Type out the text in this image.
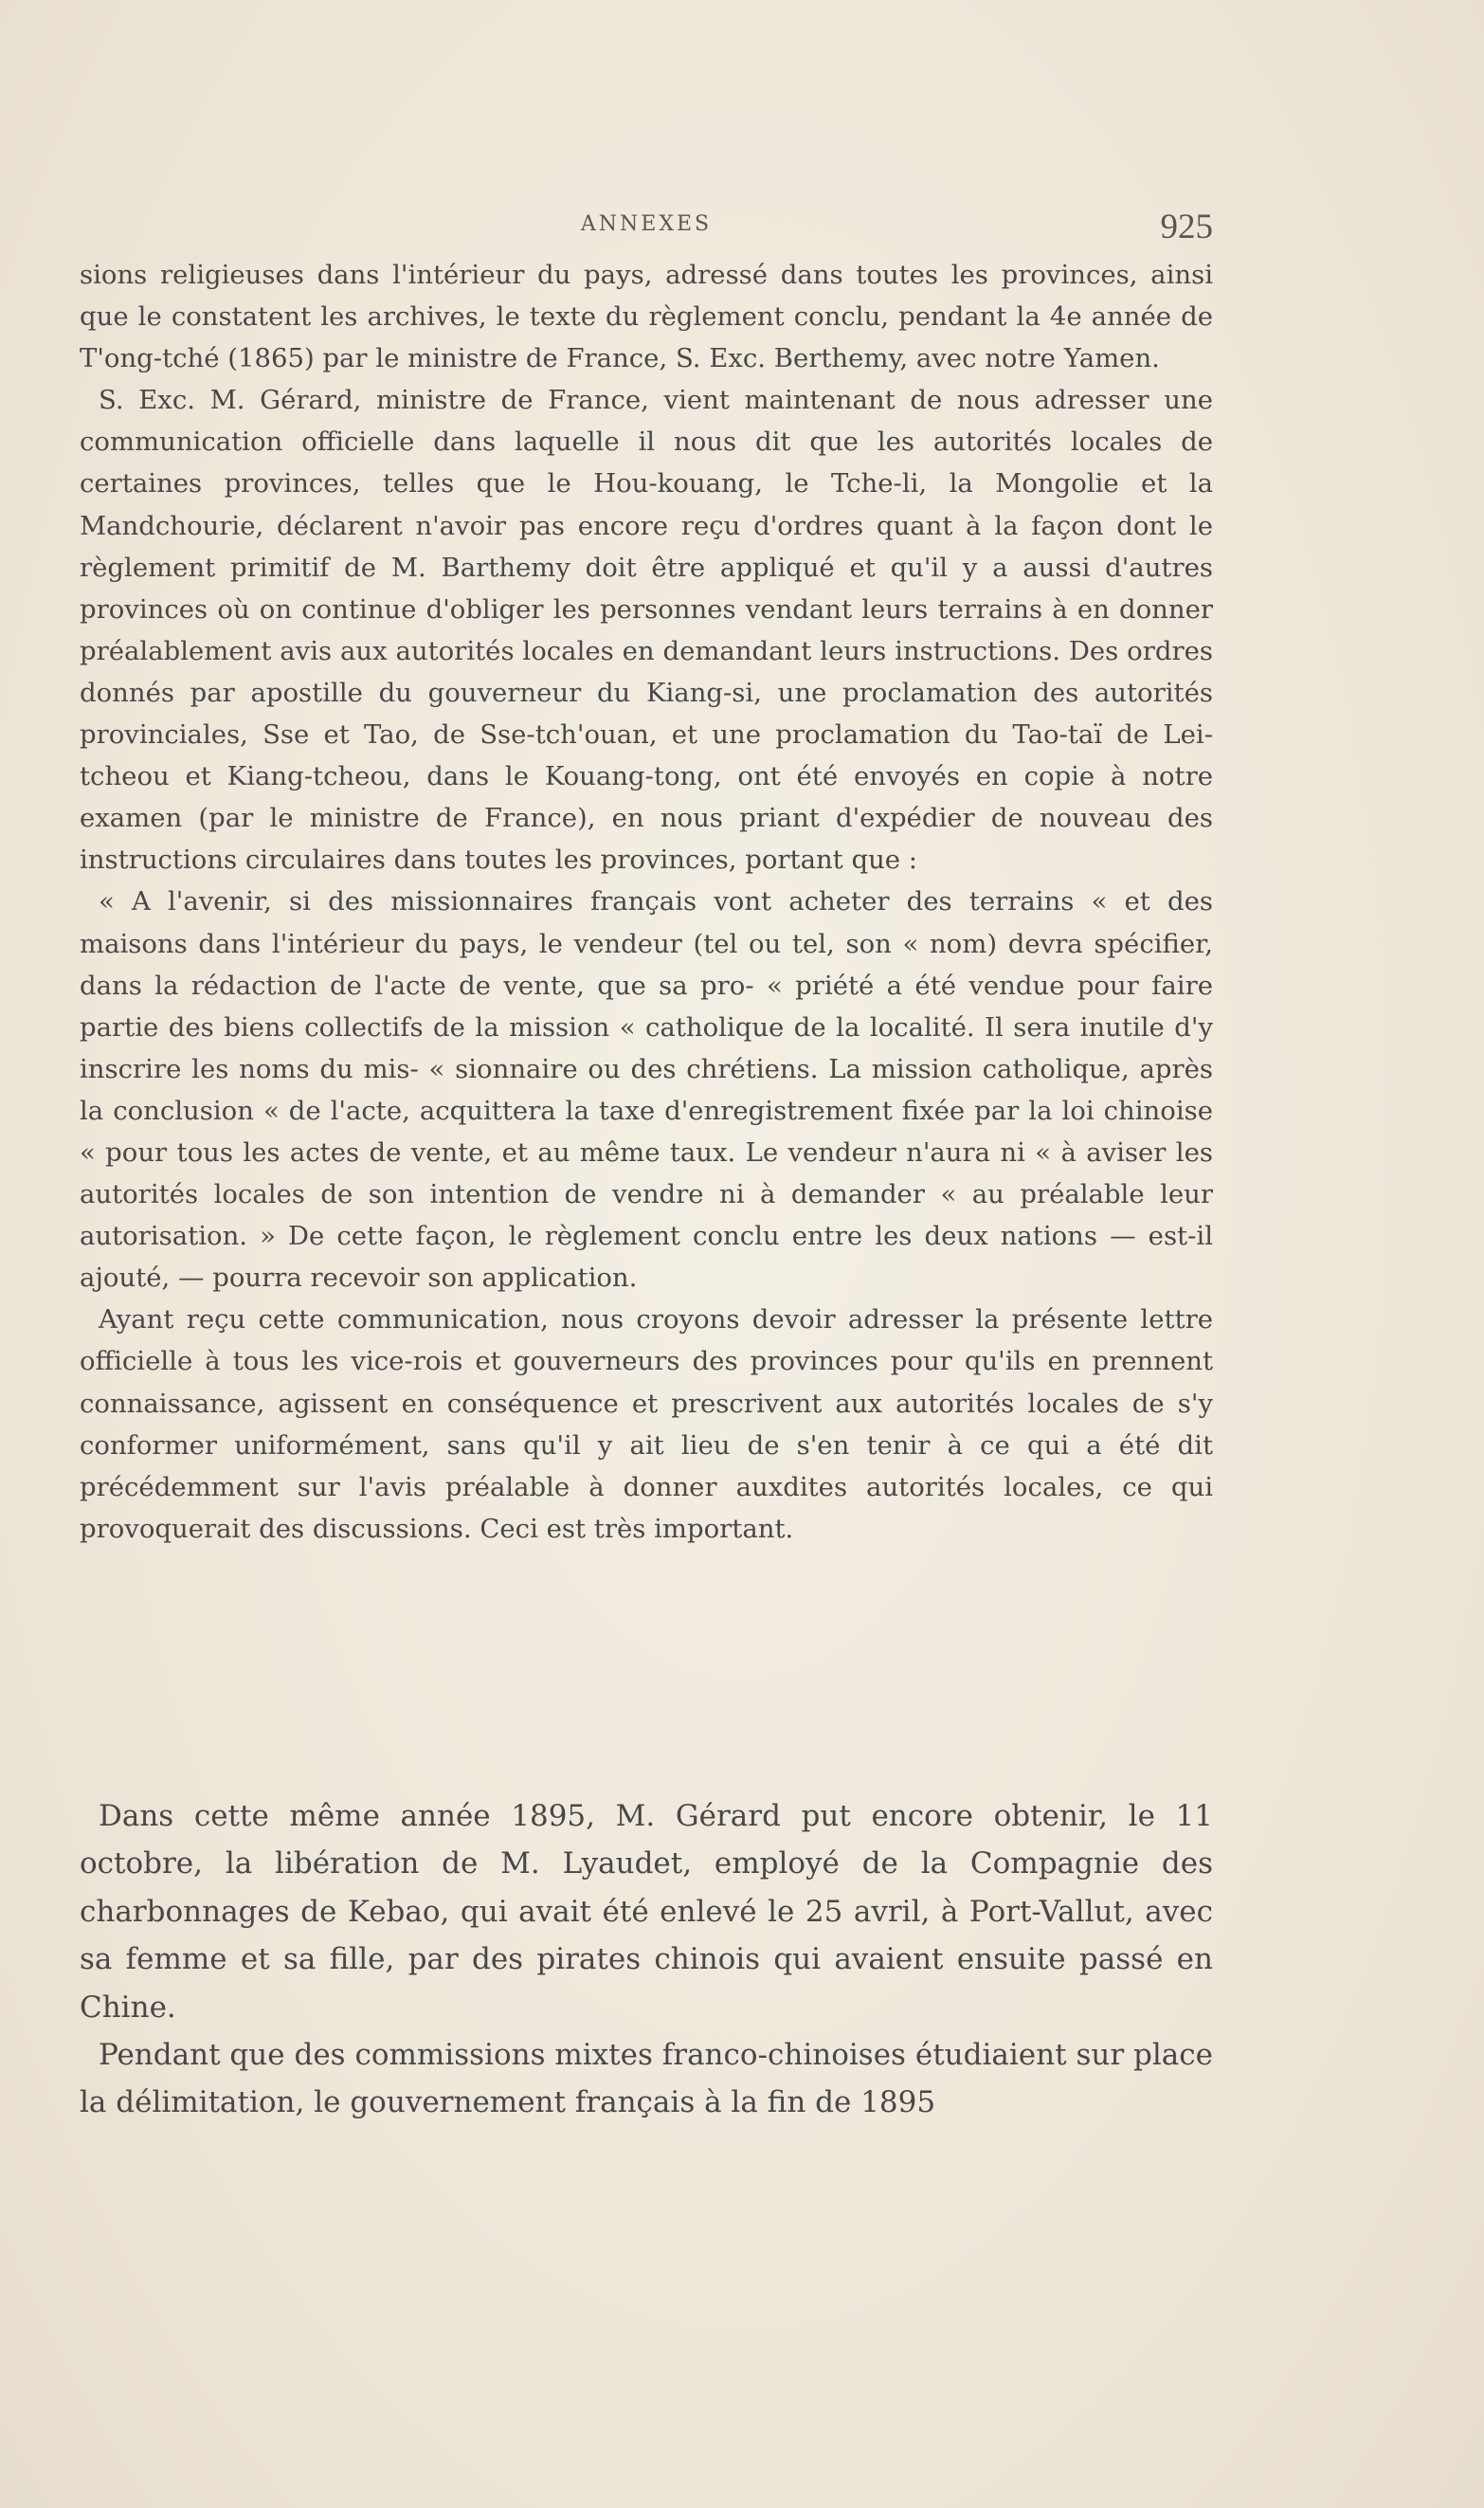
ANNEXES	925

sions religieuses dans l'intérieur du pays, adressé dans toutes les provinces, ainsi que le constatent les archives, le texte du règlement conclu, pendant la 4e année de T'ong-tché (1865) par le ministre de France, S. Exc. Berthemy, avec notre Yamen.

S. Exc. M. Gérard, ministre de France, vient maintenant de nous adresser une communication officielle dans laquelle il nous dit que les autorités locales de certaines provinces, telles que le Hou-kouang, le Tche-li, la Mongolie et la Mandchourie, déclarent n'avoir pas encore reçu d'ordres quant à la façon dont le règlement primitif de M. Barthemy doit être appliqué et qu'il y a aussi d'autres provinces où on continue d'obliger les personnes vendant leurs terrains à en donner préalablement avis aux autorités locales en demandant leurs instructions. Des ordres donnés par apostille du gouverneur du Kiang-si, une proclamation des autorités provinciales, Sse et Tao, de Sse-tch'ouan, et une proclamation du Tao-taï de Lei-tcheou et Kiang-tcheou, dans le Kouang-tong, ont été envoyés en copie à notre examen (par le ministre de France), en nous priant d'expédier de nouveau des instructions circulaires dans toutes les provinces, portant que :

« A l'avenir, si des missionnaires français vont acheter des terrains « et des maisons dans l'intérieur du pays, le vendeur (tel ou tel, son « nom) devra spécifier, dans la rédaction de l'acte de vente, que sa pro- « priété a été vendue pour faire partie des biens collectifs de la mission « catholique de la localité. Il sera inutile d'y inscrire les noms du mis- « sionnaire ou des chrétiens. La mission catholique, après la conclusion « de l'acte, acquittera la taxe d'enregistrement fixée par la loi chinoise « pour tous les actes de vente, et au même taux. Le vendeur n'aura ni « à aviser les autorités locales de son intention de vendre ni à demander « au préalable leur autorisation. » De cette façon, le règlement conclu entre les deux nations — est-il ajouté, — pourra recevoir son application.

Ayant reçu cette communication, nous croyons devoir adresser la présente lettre officielle à tous les vice-rois et gouverneurs des provinces pour qu'ils en prennent connaissance, agissent en conséquence et prescrivent aux autorités locales de s'y conformer uniformément, sans qu'il y ait lieu de s'en tenir à ce qui a été dit précédemment sur l'avis préalable à donner auxdites autorités locales, ce qui provoquerait des discussions. Ceci est très important.

Dans cette même année 1895, M. Gérard put encore obtenir, le 11 octobre, la libération de M. Lyaudet, employé de la Compagnie des charbonnages de Kebao, qui avait été enlevé le 25 avril, à Port-Vallut, avec sa femme et sa fille, par des pirates chinois qui avaient ensuite passé en Chine.

Pendant que des commissions mixtes franco-chinoises étudiaient sur place la délimitation, le gouvernement français à la fin de 1895
